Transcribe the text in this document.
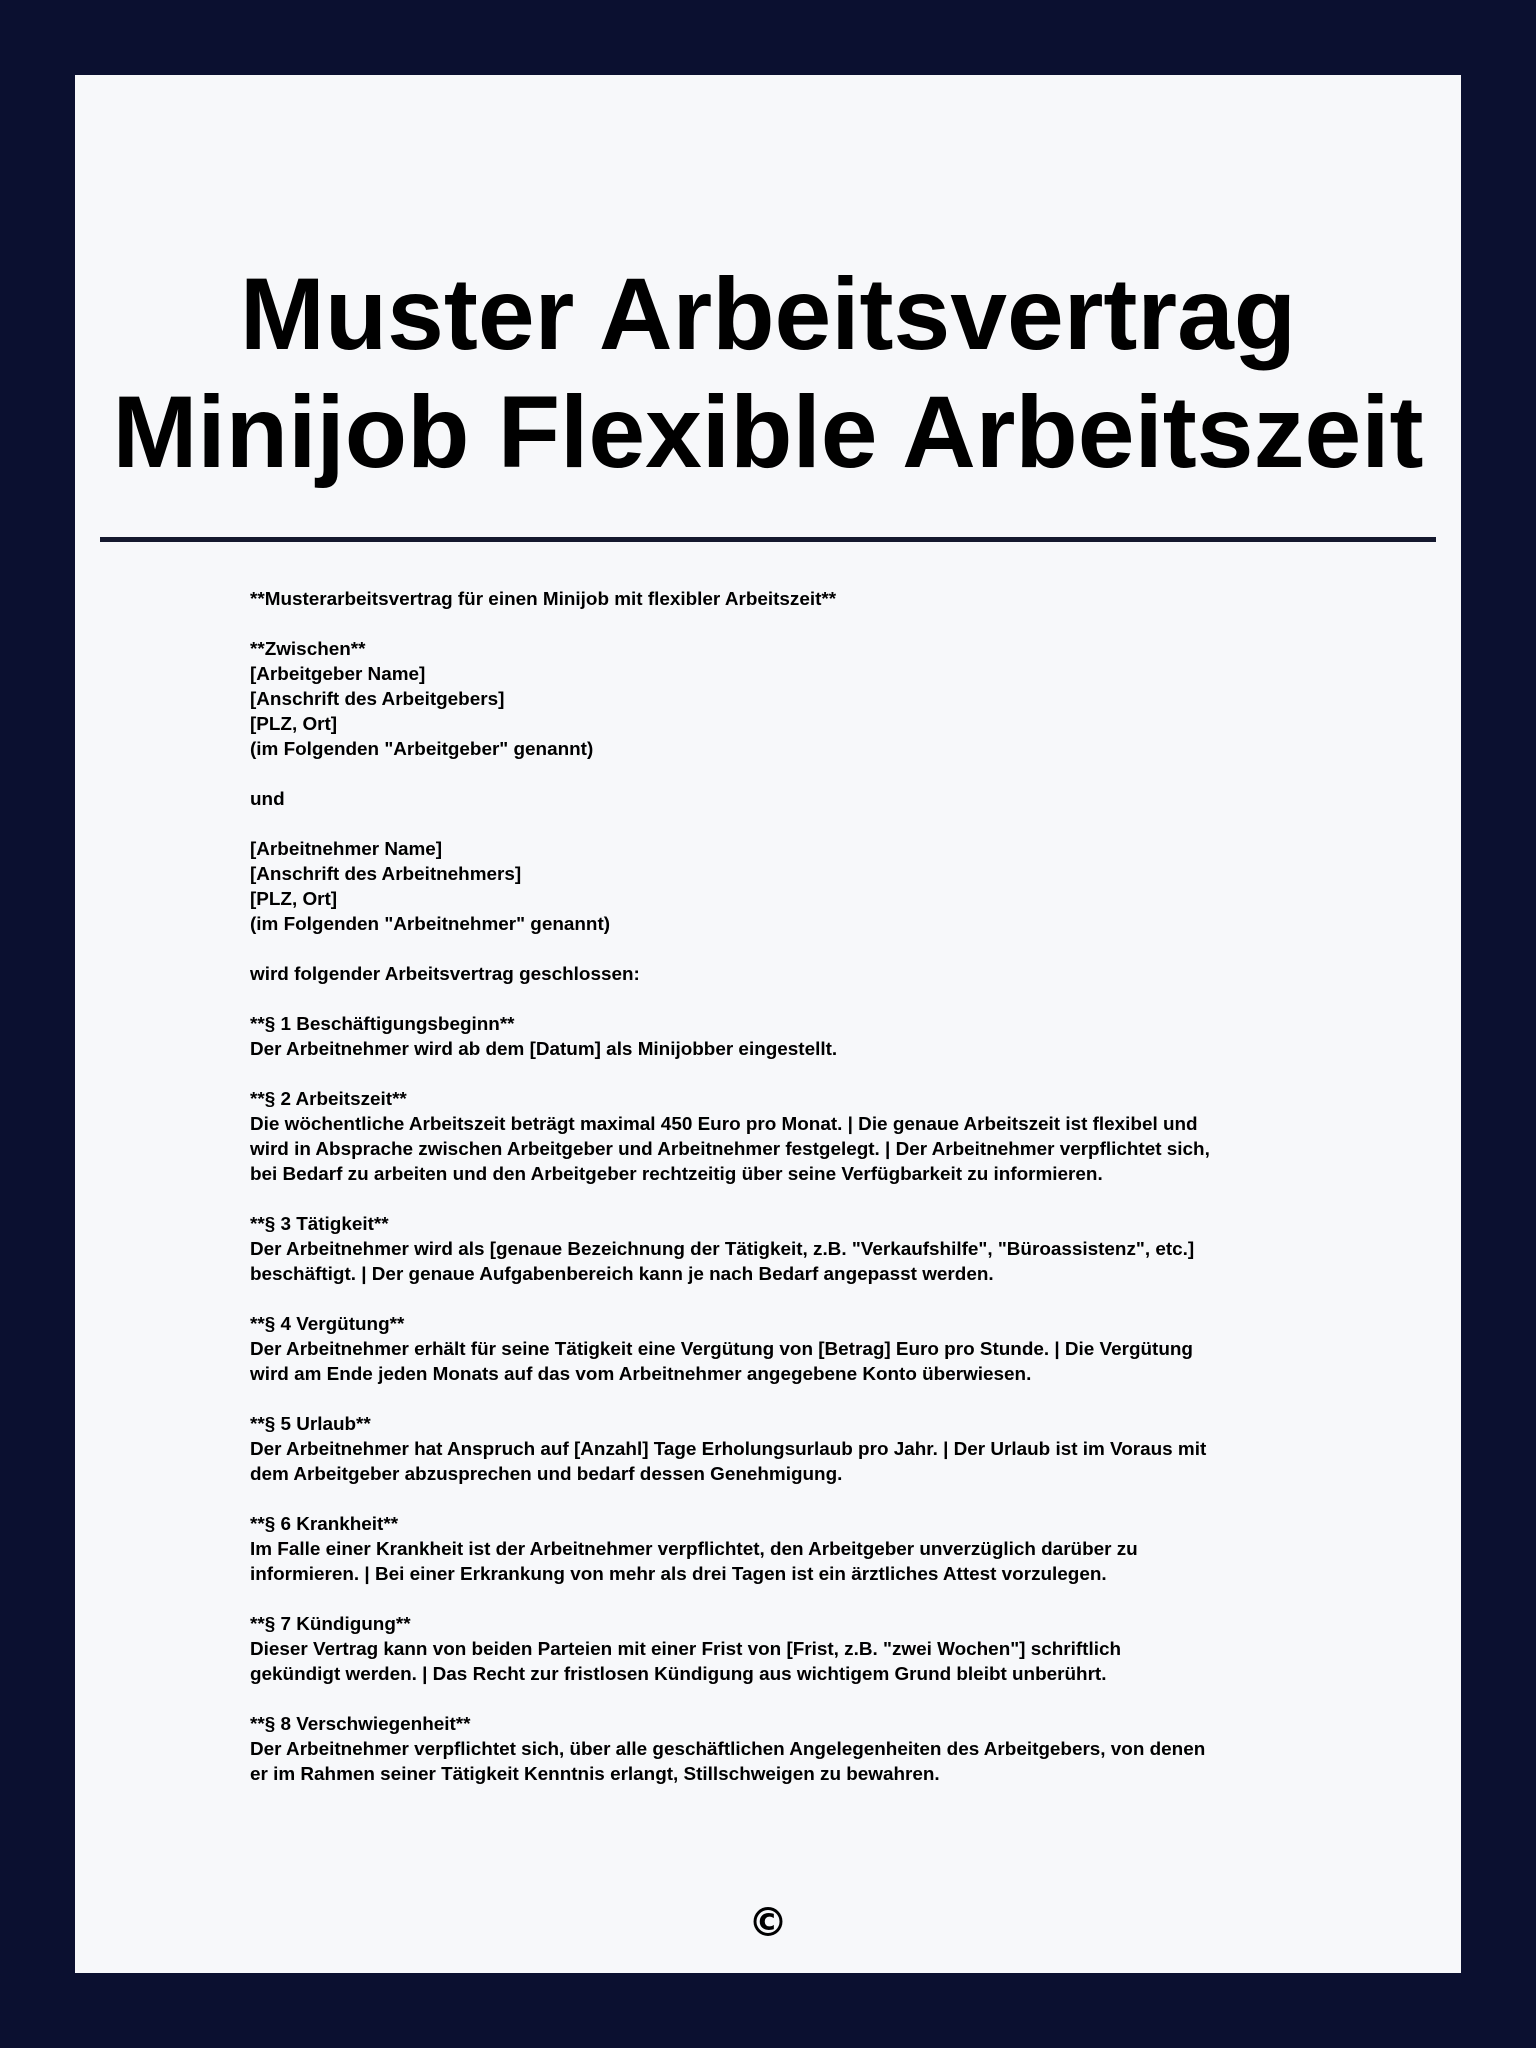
Muster Arbeitsvertrag
Minijob Flexible Arbeitszeit
**Musterarbeitsvertrag für einen Minijob mit flexibler Arbeitszeit**
**Zwischen**
[Arbeitgeber Name]
[Anschrift des Arbeitgebers]
[PLZ, Ort]
(im Folgenden "Arbeitgeber" genannt)
und
[Arbeitnehmer Name]
[Anschrift des Arbeitnehmers]
[PLZ, Ort]
(im Folgenden "Arbeitnehmer" genannt)
wird folgender Arbeitsvertrag geschlossen:
**§ 1 Beschäftigungsbeginn**
Der Arbeitnehmer wird ab dem [Datum] als Minijobber eingestellt.
**§ 2 Arbeitszeit**
Die wöchentliche Arbeitszeit beträgt maximal 450 Euro pro Monat. | Die genaue Arbeitszeit ist flexibel und
wird in Absprache zwischen Arbeitgeber und Arbeitnehmer festgelegt. | Der Arbeitnehmer verpflichtet sich,
bei Bedarf zu arbeiten und den Arbeitgeber rechtzeitig über seine Verfügbarkeit zu informieren.
**§ 3 Tätigkeit**
Der Arbeitnehmer wird als [genaue Bezeichnung der Tätigkeit, z.B. "Verkaufshilfe", "Büroassistenz", etc.]
beschäftigt. | Der genaue Aufgabenbereich kann je nach Bedarf angepasst werden.
**§ 4 Vergütung**
Der Arbeitnehmer erhält für seine Tätigkeit eine Vergütung von [Betrag] Euro pro Stunde. | Die Vergütung
wird am Ende jeden Monats auf das vom Arbeitnehmer angegebene Konto überwiesen.
**§ 5 Urlaub**
Der Arbeitnehmer hat Anspruch auf [Anzahl] Tage Erholungsurlaub pro Jahr. | Der Urlaub ist im Voraus mit
dem Arbeitgeber abzusprechen und bedarf dessen Genehmigung.
**§ 6 Krankheit**
Im Falle einer Krankheit ist der Arbeitnehmer verpflichtet, den Arbeitgeber unverzüglich darüber zu
informieren. | Bei einer Erkrankung von mehr als drei Tagen ist ein ärztliches Attest vorzulegen.
**§ 7 Kündigung**
Dieser Vertrag kann von beiden Parteien mit einer Frist von [Frist, z.B. "zwei Wochen"] schriftlich
gekündigt werden. | Das Recht zur fristlosen Kündigung aus wichtigem Grund bleibt unberührt.
**§ 8 Verschwiegenheit**
Der Arbeitnehmer verpflichtet sich, über alle geschäftlichen Angelegenheiten des Arbeitgebers, von denen
er im Rahmen seiner Tätigkeit Kenntnis erlangt, Stillschweigen zu bewahren.
©
